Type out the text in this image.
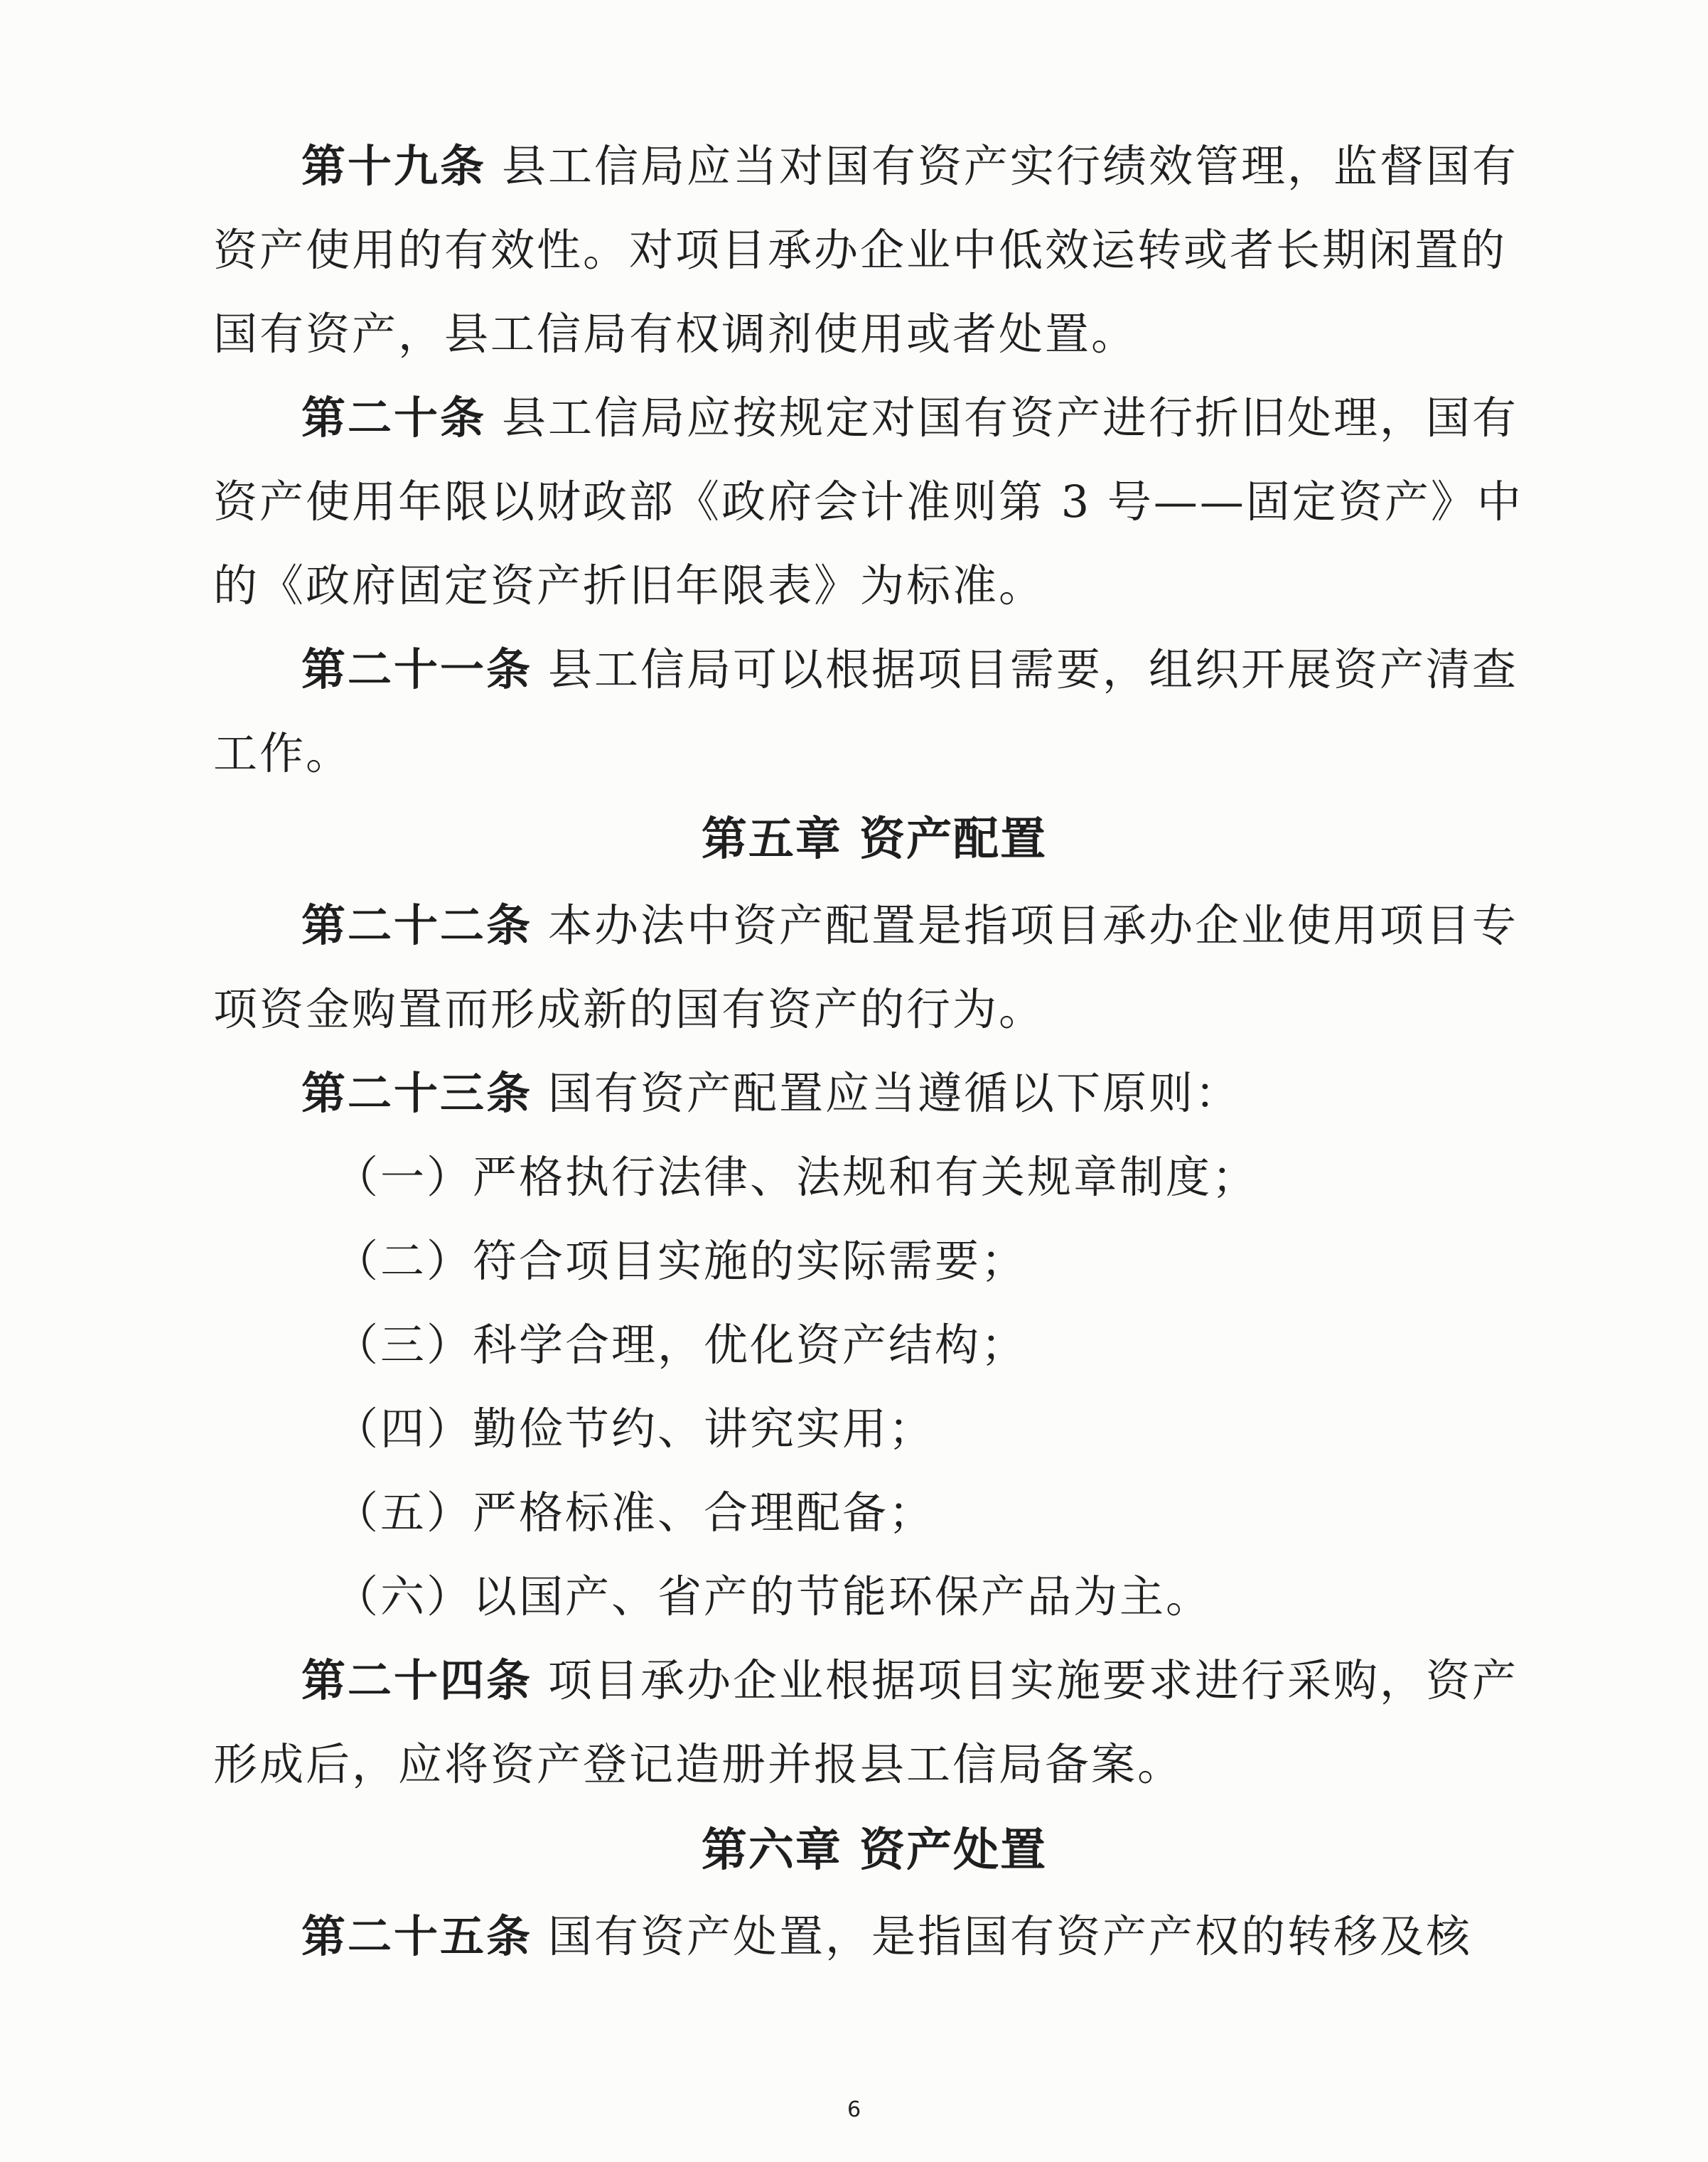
第十九条 县工信局应当对国有资产实行绩效管理，监督国有资产使用的有效性。对项目承办企业中低效运转或者长期闲置的国有资产，县工信局有权调剂使用或者处置。

第二十条 县工信局应按规定对国有资产进行折旧处理，国有资产使用年限以财政部《政府会计准则第 3 号——固定资产》中的《政府固定资产折旧年限表》为标准。

第二十一条 县工信局可以根据项目需要，组织开展资产清查工作。

第五章 资产配置

第二十二条 本办法中资产配置是指项目承办企业使用项目专项资金购置而形成新的国有资产的行为。

第二十三条 国有资产配置应当遵循以下原则：

（一）严格执行法律、法规和有关规章制度；

（二）符合项目实施的实际需要；

（三）科学合理，优化资产结构；

（四）勤俭节约、讲究实用；

（五）严格标准、合理配备；

（六）以国产、省产的节能环保产品为主。

第二十四条 项目承办企业根据项目实施要求进行采购，资产形成后，应将资产登记造册并报县工信局备案。

第六章 资产处置

第二十五条 国有资产处置，是指国有资产产权的转移及核

6
